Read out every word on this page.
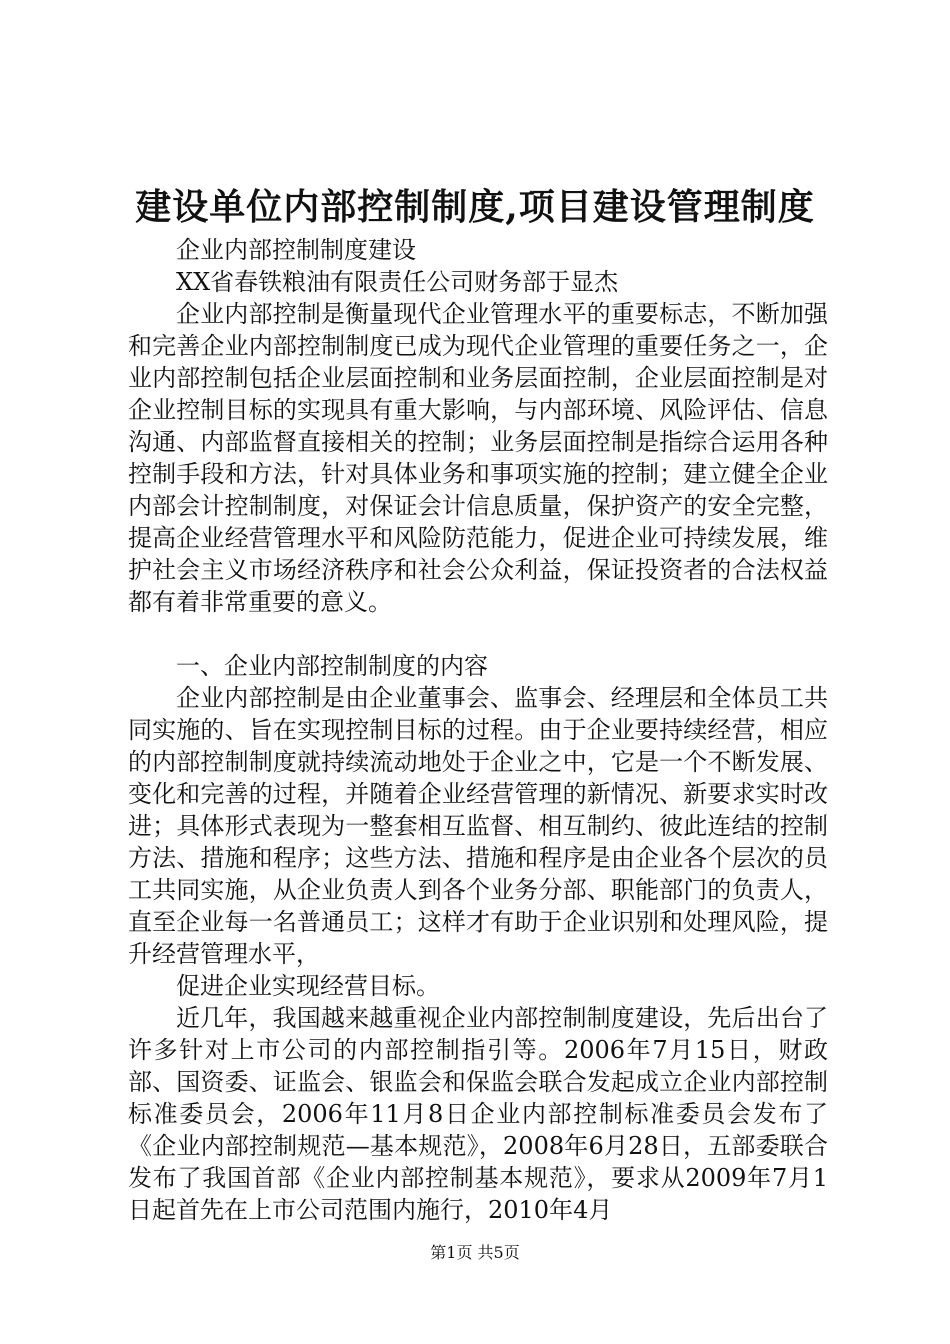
建设单位内部控制制度,项目建设管理制度

企业内部控制制度建设

XX省春铁粮油有限责任公司财务部于显杰

企业内部控制是衡量现代企业管理水平的重要标志，不断加强和完善企业内部控制制度已成为现代企业管理的重要任务之一，企业内部控制包括企业层面控制和业务层面控制，企业层面控制是对企业控制目标的实现具有重大影响，与内部环境、风险评估、信息沟通、内部监督直接相关的控制；业务层面控制是指综合运用各种控制手段和方法，针对具体业务和事项实施的控制；建立健全企业内部会计控制制度，对保证会计信息质量，保护资产的安全完整，提高企业经营管理水平和风险防范能力，促进企业可持续发展，维护社会主义市场经济秩序和社会公众利益，保证投资者的合法权益都有着非常重要的意义。

一、企业内部控制制度的内容

企业内部控制是由企业董事会、监事会、经理层和全体员工共同实施的、旨在实现控制目标的过程。由于企业要持续经营，相应的内部控制制度就持续流动地处于企业之中，它是一个不断发展、变化和完善的过程，并随着企业经营管理的新情况、新要求实时改进；具体形式表现为一整套相互监督、相互制约、彼此连结的控制方法、措施和程序；这些方法、措施和程序是由企业各个层次的员工共同实施，从企业负责人到各个业务分部、职能部门的负责人，直至企业每一名普通员工；这样才有助于企业识别和处理风险，提升经营管理水平，

促进企业实现经营目标。

近几年，我国越来越重视企业内部控制制度建设，先后出台了许多针对上市公司的内部控制指引等。2006年7月15日，财政部、国资委、证监会、银监会和保监会联合发起成立企业内部控制标准委员会，2006年11月8日企业内部控制标准委员会发布了《企业内部控制规范—基本规范》，2008年6月28日，五部委联合发布了我国首部《企业内部控制基本规范》，要求从2009年7月1日起首先在上市公司范围内施行，2010年4月

第1页 共5页
